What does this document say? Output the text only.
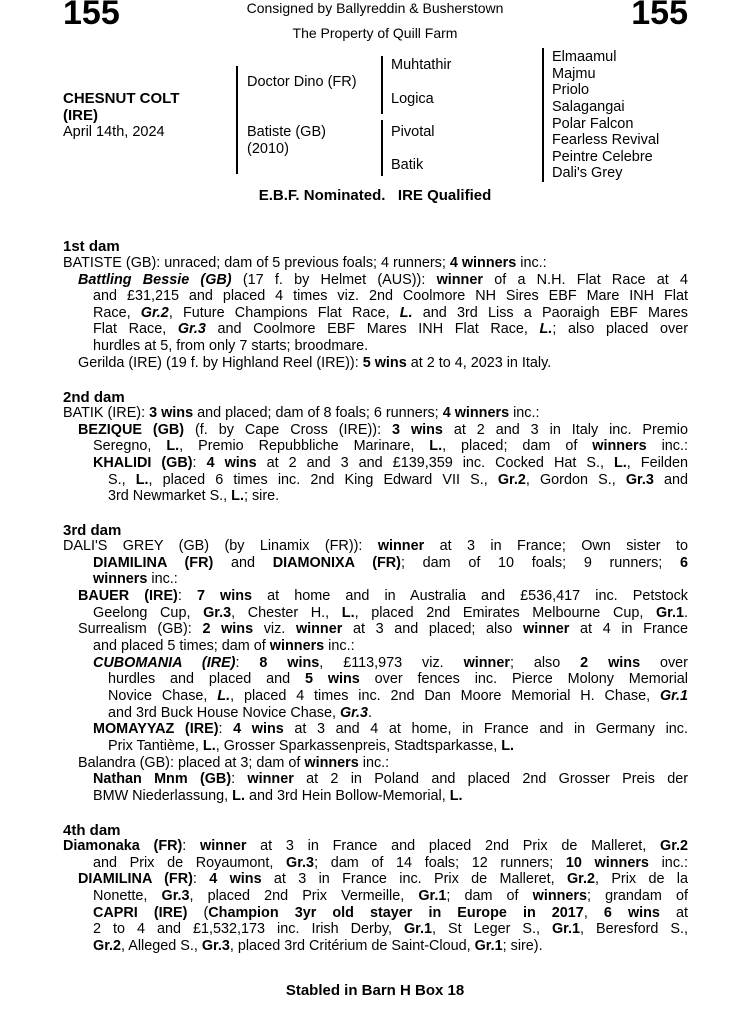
155	155
Consigned by Ballyreddin & Busherstown
The Property of Quill Farm
CHESNUT COLT
(IRE)
April 14th, 2024
Doctor Dino (FR)
Batiste (GB)
(2010)
Muhtathir
Logica
Pivotal
Batik
Elmaamul
Majmu
Priolo
Salagangai
Polar Falcon
Fearless Revival
Peintre Celebre
Dali's Grey
E.B.F. Nominated.   IRE Qualified
1st dam
BATISTE (GB): unraced; dam of 5 previous foals; 4 runners; 4 winners inc.:
Battling Bessie (GB) (17 f. by Helmet (AUS)): winner of a N.H. Flat Race at 4
and £31,215 and placed 4 times viz. 2nd Coolmore NH Sires EBF Mare INH Flat
Race, Gr.2, Future Champions Flat Race, L. and 3rd Liss a Paoraigh EBF Mares
Flat Race, Gr.3 and Coolmore EBF Mares INH Flat Race, L.; also placed over
hurdles at 5, from only 7 starts; broodmare.
Gerilda (IRE) (19 f. by Highland Reel (IRE)): 5 wins at 2 to 4, 2023 in Italy.
2nd dam
BATIK (IRE): 3 wins and placed; dam of 8 foals; 6 runners; 4 winners inc.:
BEZIQUE (GB) (f. by Cape Cross (IRE)): 3 wins at 2 and 3 in Italy inc. Premio
Seregno, L., Premio Repubbliche Marinare, L., placed; dam of winners inc.:
KHALIDI (GB): 4 wins at 2 and 3 and £139,359 inc. Cocked Hat S., L., Feilden
S., L., placed 6 times inc. 2nd King Edward VII S., Gr.2, Gordon S., Gr.3 and
3rd Newmarket S., L.; sire.
3rd dam
DALI'S GREY (GB) (by Linamix (FR)): winner at 3 in France; Own sister to
DIAMILINA (FR) and DIAMONIXA (FR); dam of 10 foals; 9 runners; 6
winners inc.:
BAUER (IRE): 7 wins at home and in Australia and £536,417 inc. Petstock
Geelong Cup, Gr.3, Chester H., L., placed 2nd Emirates Melbourne Cup, Gr.1.
Surrealism (GB): 2 wins viz. winner at 3 and placed; also winner at 4 in France
and placed 5 times; dam of winners inc.:
CUBOMANIA (IRE): 8 wins, £113,973 viz. winner; also 2 wins over
hurdles and placed and 5 wins over fences inc. Pierce Molony Memorial
Novice Chase, L., placed 4 times inc. 2nd Dan Moore Memorial H. Chase, Gr.1
and 3rd Buck House Novice Chase, Gr.3.
MOMAYYAZ (IRE): 4 wins at 3 and 4 at home, in France and in Germany inc.
Prix Tantième, L., Grosser Sparkassenpreis, Stadtsparkasse, L.
Balandra (GB): placed at 3; dam of winners inc.:
Nathan Mnm (GB): winner at 2 in Poland and placed 2nd Grosser Preis der
BMW Niederlassung, L. and 3rd Hein Bollow-Memorial, L.
4th dam
Diamonaka (FR): winner at 3 in France and placed 2nd Prix de Malleret, Gr.2
and Prix de Royaumont, Gr.3; dam of 14 foals; 12 runners; 10 winners inc.:
DIAMILINA (FR): 4 wins at 3 in France inc. Prix de Malleret, Gr.2, Prix de la
Nonette, Gr.3, placed 2nd Prix Vermeille, Gr.1; dam of winners; grandam of
CAPRI (IRE) (Champion 3yr old stayer in Europe in 2017, 6 wins at
2 to 4 and £1,532,173 inc. Irish Derby, Gr.1, St Leger S., Gr.1, Beresford S.,
Gr.2, Alleged S., Gr.3, placed 3rd Critérium de Saint-Cloud, Gr.1; sire).
Stabled in Barn H Box 18
